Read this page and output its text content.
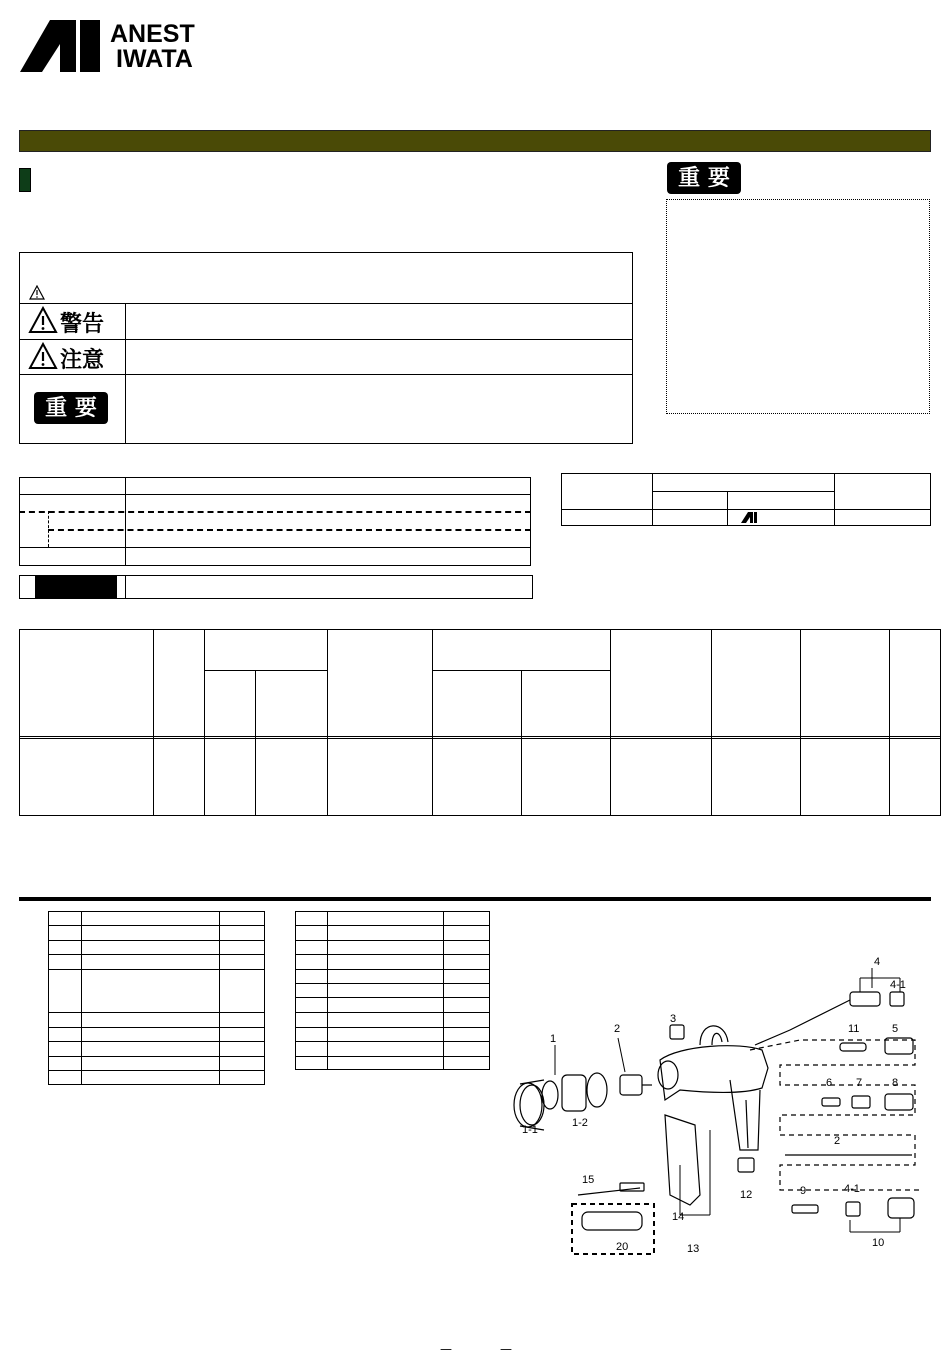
ANEST
IWATA
重 要
警告
注意
重 要
1
1-1
1-2
2
3
4
4-1
5
11
6 7	8
2
12	9	4-1
10
15
20
14
13
—	—
